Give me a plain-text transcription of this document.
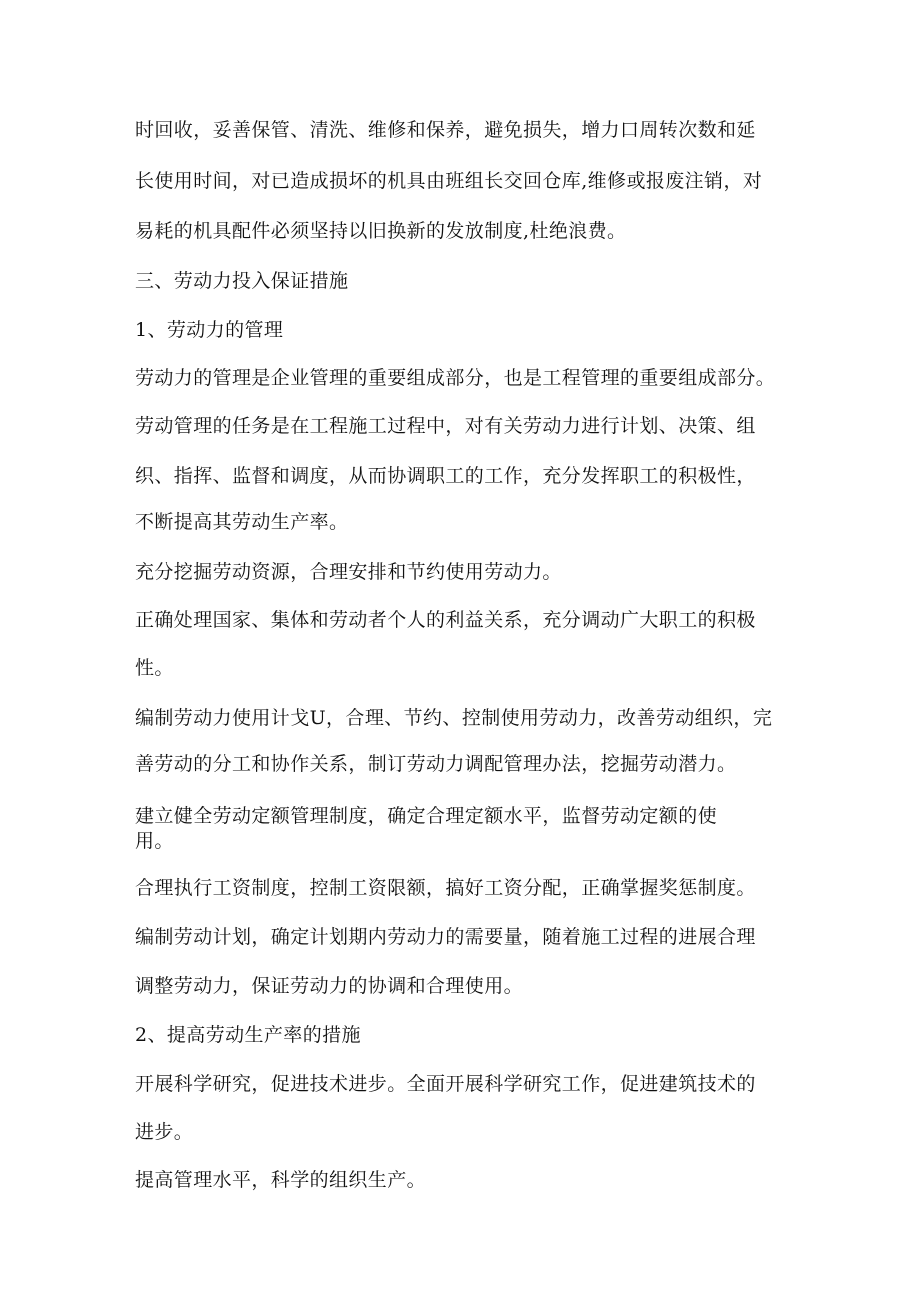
时回收，妥善保管、清洗、维修和保养，避免损失，增力口周转次数和延
长使用时间，对已造成损坏的机具由班组长交回仓库,维修或报废注销，对
易耗的机具配件必须坚持以旧换新的发放制度,杜绝浪费。
三、劳动力投入保证措施
1、劳动力的管理
劳动力的管理是企业管理的重要组成部分，也是工程管理的重要组成部分。
劳动管理的任务是在工程施工过程中，对有关劳动力进行计划、决策、组
织、指挥、监督和调度，从而协调职工的工作，充分发挥职工的积极性，
不断提高其劳动生产率。
充分挖掘劳动资源，合理安排和节约使用劳动力。
正确处理国家、集体和劳动者个人的利益关系，充分调动广大职工的积极
性。
编制劳动力使用计戈U，合理、节约、控制使用劳动力，改善劳动组织，完
善劳动的分工和协作关系，制订劳动力调配管理办法，挖掘劳动潜力。
建立健全劳动定额管理制度，确定合理定额水平，监督劳动定额的使
用。
合理执行工资制度，控制工资限额，搞好工资分配，正确掌握奖惩制度。
编制劳动计划，确定计划期内劳动力的需要量，随着施工过程的进展合理
调整劳动力，保证劳动力的协调和合理使用。
2、提高劳动生产率的措施
开展科学研究，促进技术进步。全面开展科学研究工作，促进建筑技术的
进步。
提高管理水平，科学的组织生产。
